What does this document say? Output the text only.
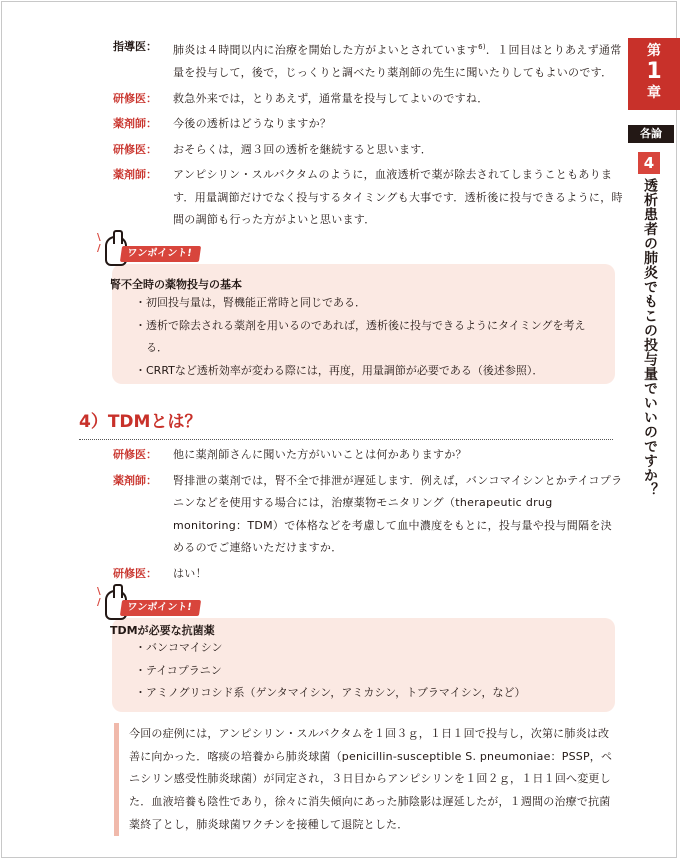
指導医：	肺炎は４時間以内に治療を開始した方がよいとされています$^{6)}$．１回目はとりあえず通常量を投与して，後で，じっくりと調べたり薬剤師の先生に聞いたりしてもよいのです．
研修医：	救急外来では，とりあえず，通常量を投与してよいのですね．
薬剤師：	今後の透析はどうなりますか？
研修医：	おそらくは，週３回の透析を継続すると思います．
薬剤師：	アンピシリン・スルバクタムのように，血液透析で薬が除去されてしまうこともあります．用量調節だけでなく投与するタイミングも大事です．透析後に投与できるように，時間の調節も行った方がよいと思います．
\ /	ワンポイント!
腎不全時の薬物投与の基本
・ 初回投与量は，腎機能正常時と同じである．
・ 透析で除去される薬剤を用いるのであれば，透析後に投与できるようにタイミングを考える．
・ CRRTなど透析効率が変わる際には，再度，用量調節が必要である（後述参照）．
4）TDMとは？
研修医：	他に薬剤師さんに聞いた方がいいことは何かありますか？
薬剤師：	腎排泄の薬剤では，腎不全で排泄が遅延します．例えば，バンコマイシンとかテイコプラニンなどを使用する場合には，治療薬物モニタリング（therapeutic drug monitoring：TDM）で体格などを考慮して血中濃度をもとに，投与量や投与間隔を決めるのでご連絡いただけますか．
研修医：	はい！
\ /	ワンポイント!
TDMが必要な抗菌薬
・ バンコマイシン
・ テイコプラニン
・ アミノグリコシド系（ゲンタマイシン，アミカシン，トブラマイシン，など）
今回の症例には，アンピシリン・スルバクタムを１回３ｇ，１日１回で投与し，次第に肺炎は改善に向かった．喀痰の培養から肺炎球菌（penicillin-susceptible S. pneumoniae：PSSP，ペニシリン感受性肺炎球菌）が同定され，３日目からアンピシリンを１回２ｇ，１日１回へ変更した．血液培養も陰性であり，徐々に消失傾向にあった肺陰影は遅延したが，１週間の治療で抗菌薬終了とし，肺炎球菌ワクチンを接種して退院とした．
第
1
章
各論
4
透析患者の肺炎でもこの投与量でいいのですか？
